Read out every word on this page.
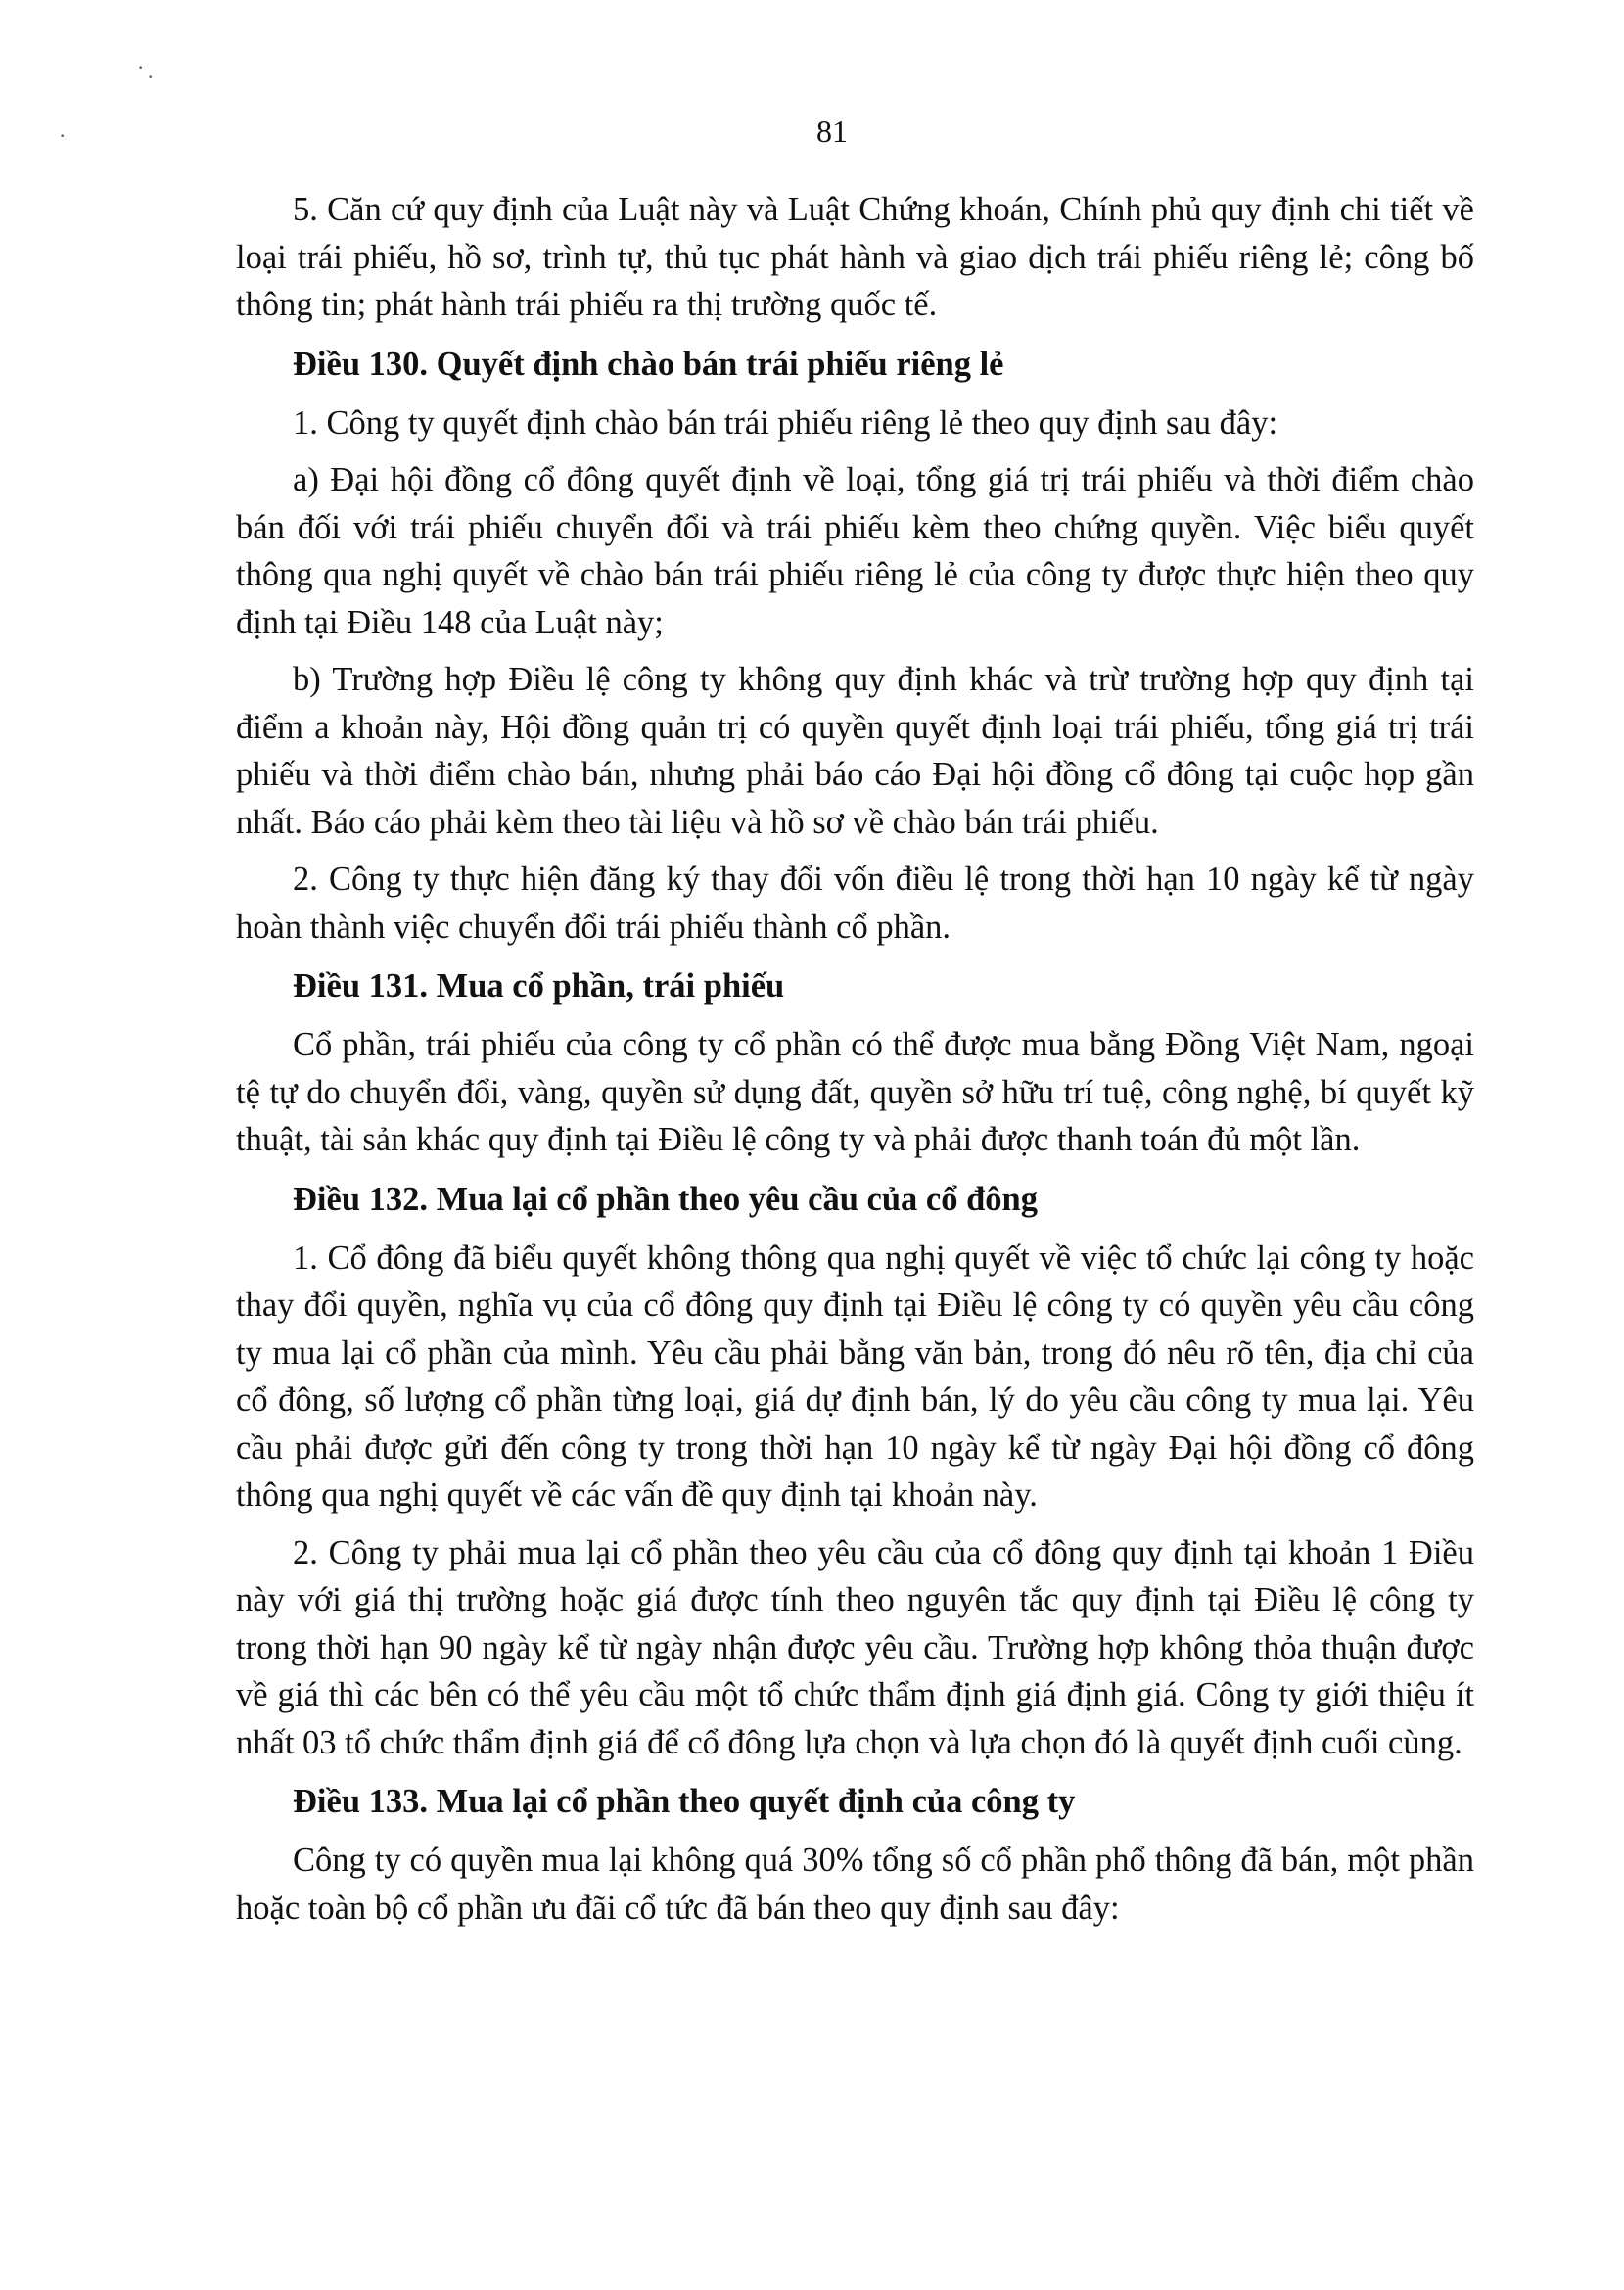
· ·
·	81

5. Căn cứ quy định của Luật này và Luật Chứng khoán, Chính phủ quy định chi tiết về loại trái phiếu, hồ sơ, trình tự, thủ tục phát hành và giao dịch trái phiếu riêng lẻ; công bố thông tin; phát hành trái phiếu ra thị trường quốc tế.

Điều 130. Quyết định chào bán trái phiếu riêng lẻ

1. Công ty quyết định chào bán trái phiếu riêng lẻ theo quy định sau đây:

a) Đại hội đồng cổ đông quyết định về loại, tổng giá trị trái phiếu và thời điểm chào bán đối với trái phiếu chuyển đổi và trái phiếu kèm theo chứng quyền. Việc biểu quyết thông qua nghị quyết về chào bán trái phiếu riêng lẻ của công ty được thực hiện theo quy định tại Điều 148 của Luật này;

b) Trường hợp Điều lệ công ty không quy định khác và trừ trường hợp quy định tại điểm a khoản này, Hội đồng quản trị có quyền quyết định loại trái phiếu, tổng giá trị trái phiếu và thời điểm chào bán, nhưng phải báo cáo Đại hội đồng cổ đông tại cuộc họp gần nhất. Báo cáo phải kèm theo tài liệu và hồ sơ về chào bán trái phiếu.

2. Công ty thực hiện đăng ký thay đổi vốn điều lệ trong thời hạn 10 ngày kể từ ngày hoàn thành việc chuyển đổi trái phiếu thành cổ phần.

Điều 131. Mua cổ phần, trái phiếu

Cổ phần, trái phiếu của công ty cổ phần có thể được mua bằng Đồng Việt Nam, ngoại tệ tự do chuyển đổi, vàng, quyền sử dụng đất, quyền sở hữu trí tuệ, công nghệ, bí quyết kỹ thuật, tài sản khác quy định tại Điều lệ công ty và phải được thanh toán đủ một lần.

Điều 132. Mua lại cổ phần theo yêu cầu của cổ đông

1. Cổ đông đã biểu quyết không thông qua nghị quyết về việc tổ chức lại công ty hoặc thay đổi quyền, nghĩa vụ của cổ đông quy định tại Điều lệ công ty có quyền yêu cầu công ty mua lại cổ phần của mình. Yêu cầu phải bằng văn bản, trong đó nêu rõ tên, địa chỉ của cổ đông, số lượng cổ phần từng loại, giá dự định bán, lý do yêu cầu công ty mua lại. Yêu cầu phải được gửi đến công ty trong thời hạn 10 ngày kể từ ngày Đại hội đồng cổ đông thông qua nghị quyết về các vấn đề quy định tại khoản này.

2. Công ty phải mua lại cổ phần theo yêu cầu của cổ đông quy định tại khoản 1 Điều này với giá thị trường hoặc giá được tính theo nguyên tắc quy định tại Điều lệ công ty trong thời hạn 90 ngày kể từ ngày nhận được yêu cầu. Trường hợp không thỏa thuận được về giá thì các bên có thể yêu cầu một tổ chức thẩm định giá định giá. Công ty giới thiệu ít nhất 03 tổ chức thẩm định giá để cổ đông lựa chọn và lựa chọn đó là quyết định cuối cùng.

Điều 133. Mua lại cổ phần theo quyết định của công ty

Công ty có quyền mua lại không quá 30% tổng số cổ phần phổ thông đã bán, một phần hoặc toàn bộ cổ phần ưu đãi cổ tức đã bán theo quy định sau đây:
